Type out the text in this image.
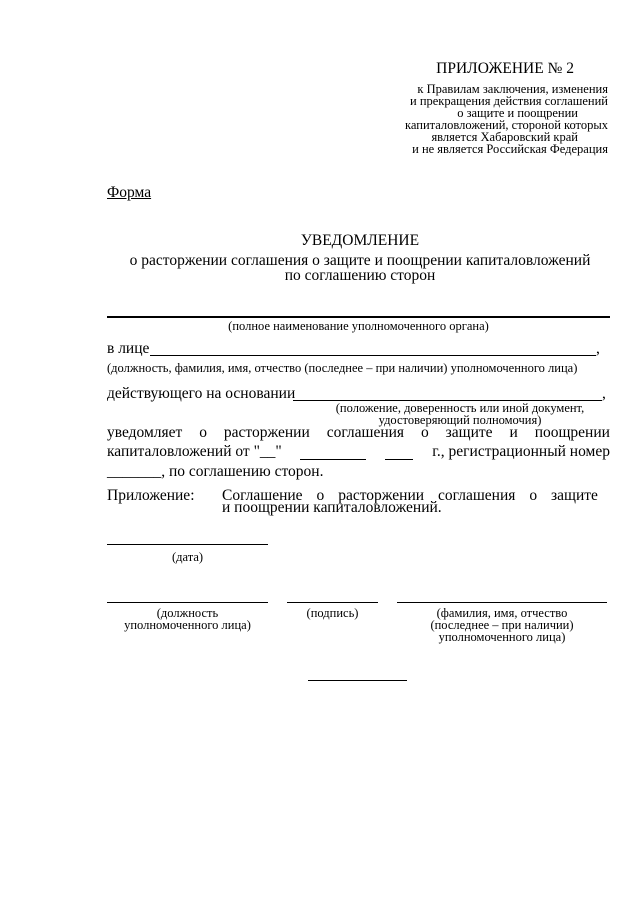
ПРИЛОЖЕНИЕ № 2
к Правилам заключения, изменения
и прекращения действия соглашений
о защите и поощрении
капиталовложений, стороной которых
является Хабаровский край
и не является Российская Федерация
Форма
УВЕДОМЛЕНИЕ
о расторжении соглашения о защите и поощрении капиталовложений
по соглашению сторон
(полное наименование уполномоченного органа)
в лице	,
(должность, фамилия, имя, отчество (последнее – при наличии) уполномоченного лица)
действующего на основании	,
(положение, доверенность или иной документ,
удостоверяющий полномочия)
уведомляет о расторжении соглашения о защите и поощрении
капиталовложений от "__"	г., регистрационный номер
_______, по соглашению сторон.
Приложение: Соглашение о расторжении соглашения о защите
и поощрении капиталовложений.
(дата)
(должность
уполномоченного лица)
(подпись)	(фамилия, имя, отчество
(последнее – при наличии)
уполномоченного лица)
